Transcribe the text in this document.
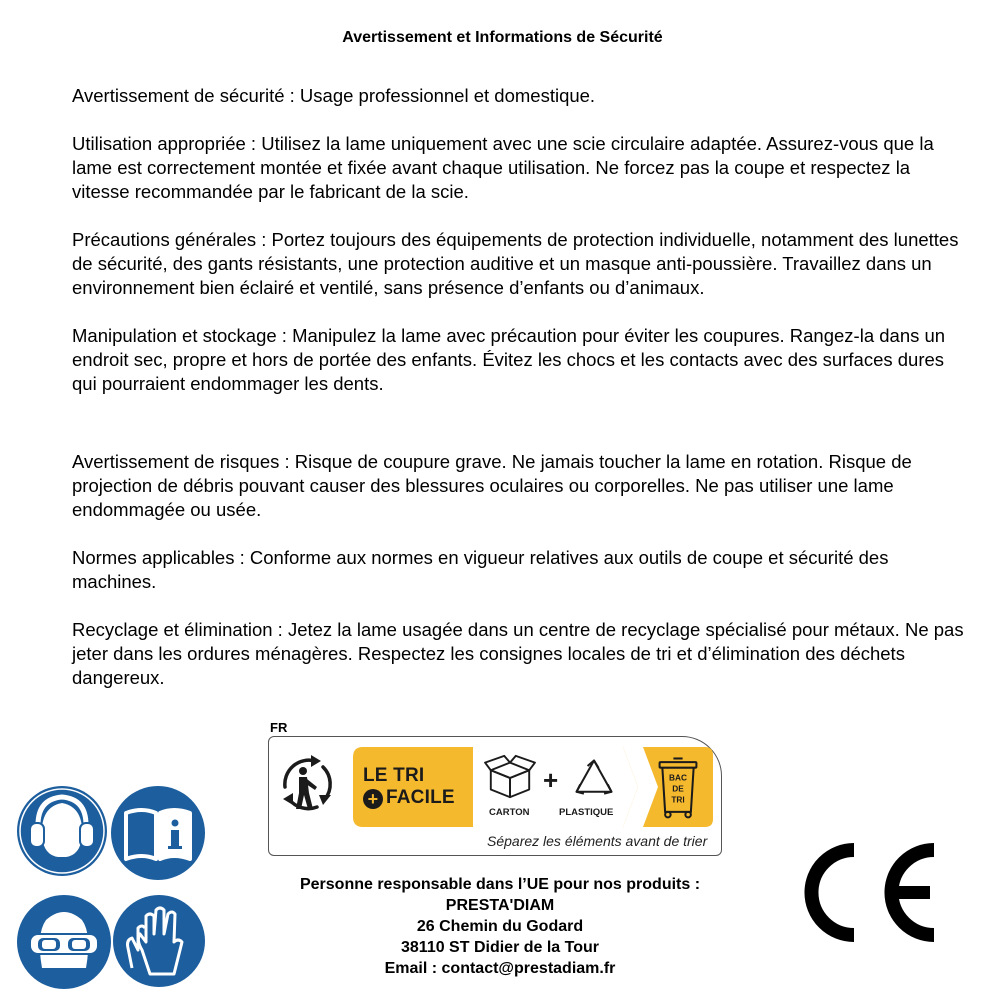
Avertissement et Informations de Sécurité

Avertissement de sécurité : Usage professionnel et domestique.

Utilisation appropriée : Utilisez la lame uniquement avec une scie circulaire adaptée. Assurez-vous que la lame est correctement montée et fixée avant chaque utilisation. Ne forcez pas la coupe et respectez la vitesse recommandée par le fabricant de la scie.

Précautions générales : Portez toujours des équipements de protection individuelle, notamment des lunettes de sécurité, des gants résistants, une protection auditive et un masque anti-poussière. Travaillez dans un environnement bien éclairé et ventilé, sans présence d’enfants ou d’animaux.

Manipulation et stockage : Manipulez la lame avec précaution pour éviter les coupures. Rangez-la dans un endroit sec, propre et hors de portée des enfants. Évitez les chocs et les contacts avec des surfaces dures qui pourraient endommager les dents.

Avertissement de risques : Risque de coupure grave. Ne jamais toucher la lame en rotation. Risque de projection de débris pouvant causer des blessures oculaires ou corporelles. Ne pas utiliser une lame endommagée ou usée.

Normes applicables : Conforme aux normes en vigueur relatives aux outils de coupe et sécurité des machines.

Recyclage et élimination : Jetez la lame usagée dans un centre de recyclage spécialisé pour métaux. Ne pas jeter dans les ordures ménagères. Respectez les consignes locales de tri et d’élimination des déchets dangereux.

FR
LE TRI
+ FACILE
CARTON
+
PLASTIQUE
BAC
DE
TRI
Séparez les éléments avant de trier
Personne responsable dans l’UE pour nos produits :
PRESTA'DIAM
26 Chemin du Godard
38110 ST Didier de la Tour
Email : contact@prestadiam.fr
